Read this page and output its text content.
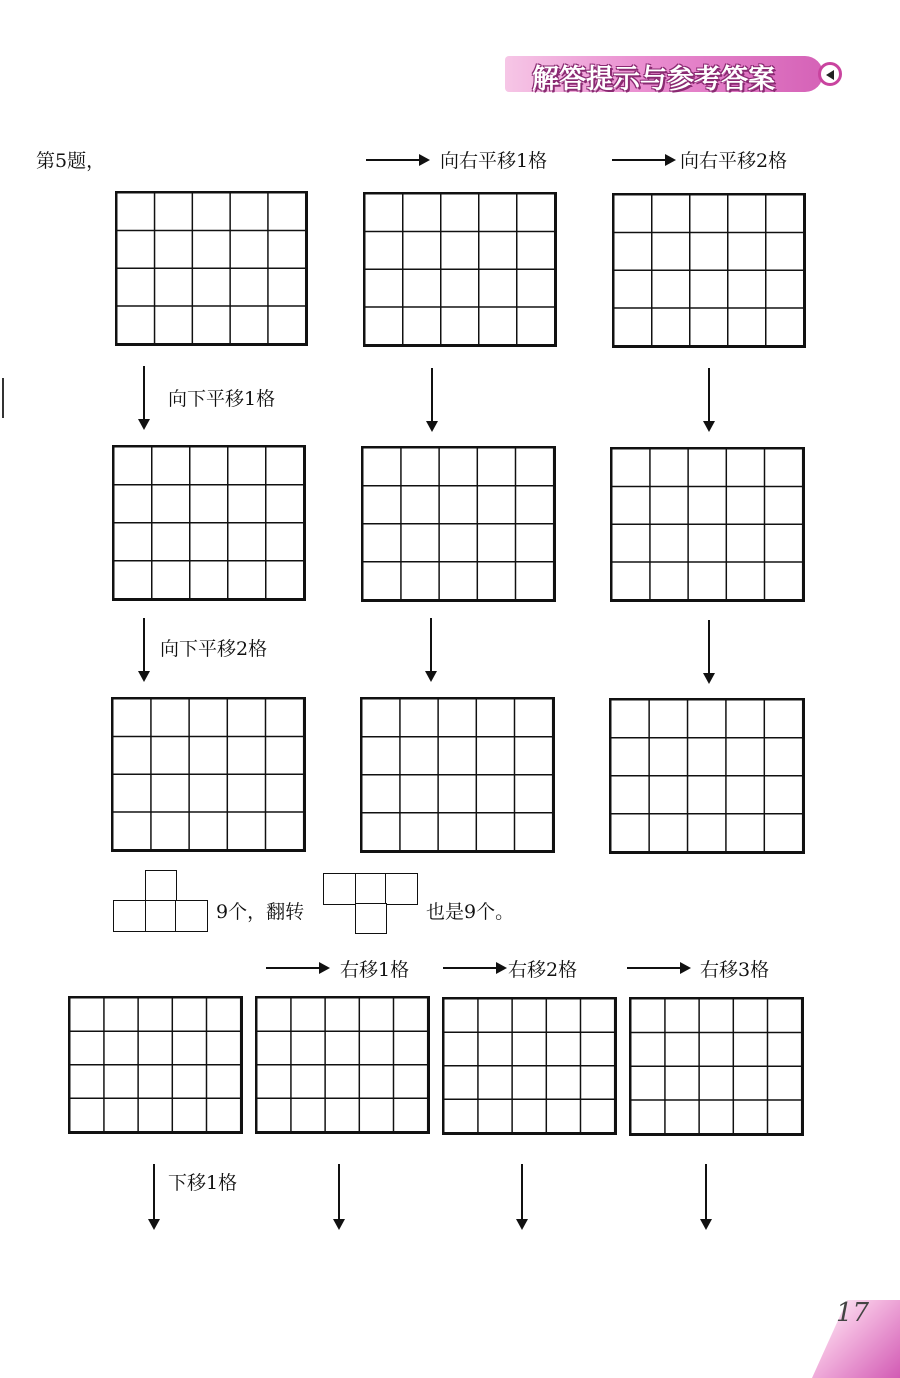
解答提示与参考答案
第5题，	向右平移1格	向右平移2格
向下平移1格
向下平移2格
9个，翻转	也是9个。
右移1格	右移2格	右移3格
下移1格
17
